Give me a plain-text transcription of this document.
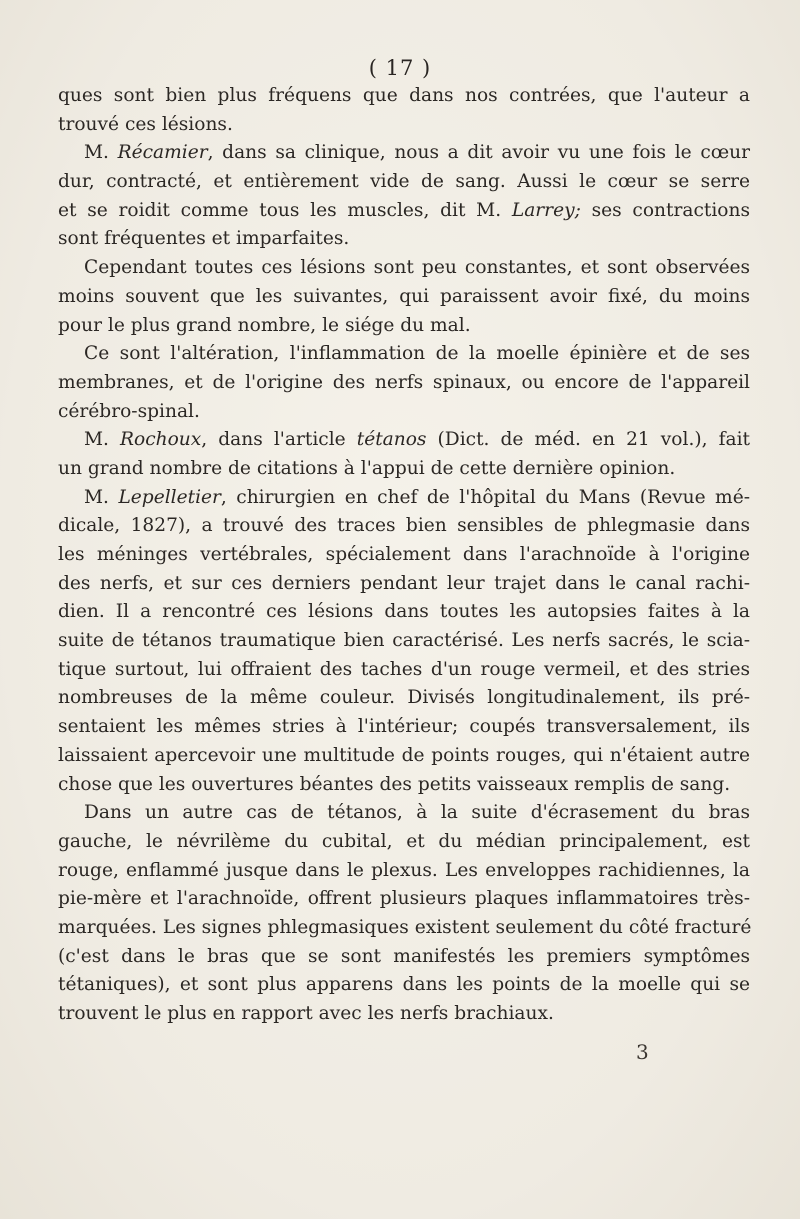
( 17 )
ques sont bien plus fréquens que dans nos contrées, que l'auteur a
trouvé ces lésions.
M. Récamier, dans sa clinique, nous a dit avoir vu une fois le cœur
dur, contracté, et entièrement vide de sang. Aussi le cœur se serre
et se roidit comme tous les muscles, dit M. Larrey; ses contractions
sont fréquentes et imparfaites.
Cependant toutes ces lésions sont peu constantes, et sont observées
moins souvent que les suivantes, qui paraissent avoir fixé, du moins
pour le plus grand nombre, le siége du mal.
Ce sont l'altération, l'inflammation de la moelle épinière et de ses
membranes, et de l'origine des nerfs spinaux, ou encore de l'appareil
cérébro-spinal.
M. Rochoux, dans l'article tétanos (Dict. de méd. en 21 vol.), fait
un grand nombre de citations à l'appui de cette dernière opinion.
M. Lepelletier, chirurgien en chef de l'hôpital du Mans (Revue mé-
dicale, 1827), a trouvé des traces bien sensibles de phlegmasie dans
les méninges vertébrales, spécialement dans l'arachnoïde à l'origine
des nerfs, et sur ces derniers pendant leur trajet dans le canal rachi-
dien. Il a rencontré ces lésions dans toutes les autopsies faites à la
suite de tétanos traumatique bien caractérisé. Les nerfs sacrés, le scia-
tique surtout, lui offraient des taches d'un rouge vermeil, et des stries
nombreuses de la même couleur. Divisés longitudinalement, ils pré-
sentaient les mêmes stries à l'intérieur; coupés transversalement, ils
laissaient apercevoir une multitude de points rouges, qui n'étaient autre
chose que les ouvertures béantes des petits vaisseaux remplis de sang.
Dans un autre cas de tétanos, à la suite d'écrasement du bras
gauche, le névrilème du cubital, et du médian principalement, est
rouge, enflammé jusque dans le plexus. Les enveloppes rachidiennes, la
pie-mère et l'arachnoïde, offrent plusieurs plaques inflammatoires très-
marquées. Les signes phlegmasiques existent seulement du côté fracturé
(c'est dans le bras que se sont manifestés les premiers symptômes
tétaniques), et sont plus apparens dans les points de la moelle qui se
trouvent le plus en rapport avec les nerfs brachiaux.
3
